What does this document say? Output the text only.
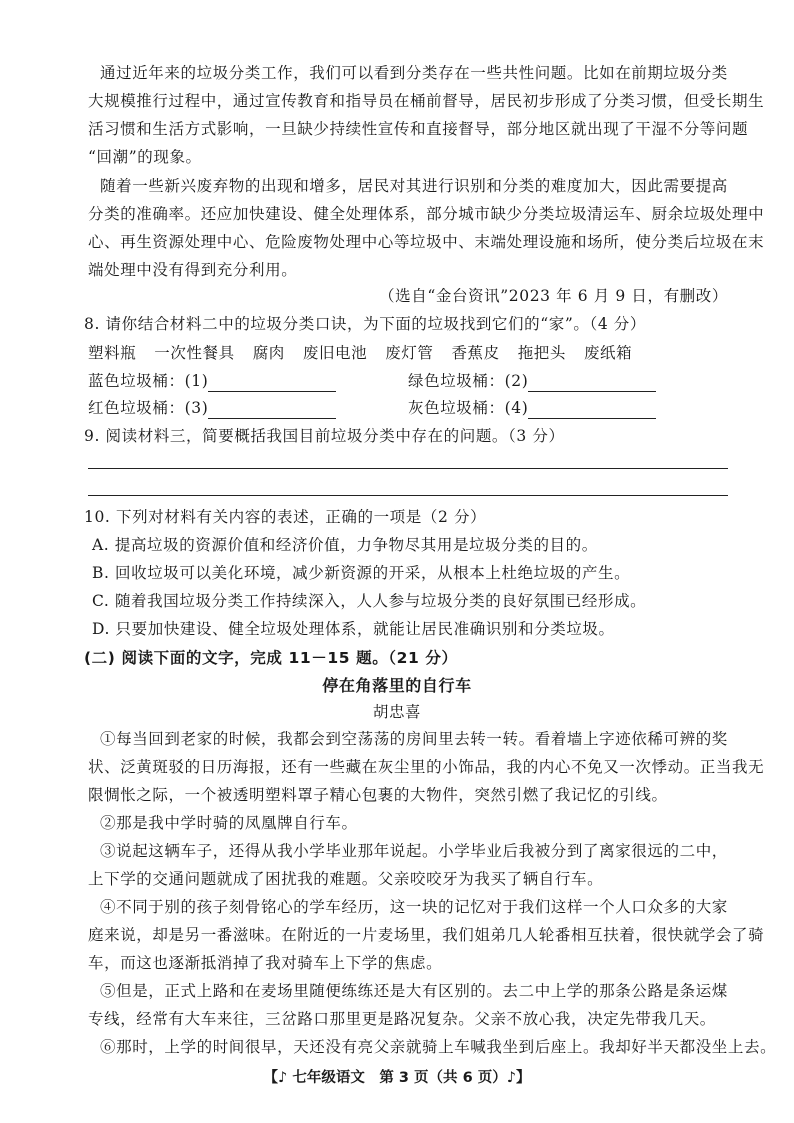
通过近年来的垃圾分类工作，我们可以看到分类存在一些共性问题。比如在前期垃圾分类
大规模推行过程中，通过宣传教育和指导员在桶前督导，居民初步形成了分类习惯，但受长期生
活习惯和生活方式影响，一旦缺少持续性宣传和直接督导，部分地区就出现了干湿不分等问题
“回潮”的现象。
随着一些新兴废弃物的出现和增多，居民对其进行识别和分类的难度加大，因此需要提高
分类的准确率。还应加快建设、健全处理体系，部分城市缺少分类垃圾清运车、厨余垃圾处理中
心、再生资源处理中心、危险废物处理中心等垃圾中、末端处理设施和场所，使分类后垃圾在末
端处理中没有得到充分利用。
（选自“金台资讯”2023 年 6 月 9 日，有删改）
8. 请你结合材料二中的垃圾分类口诀，为下面的垃圾找到它们的“家”。（4 分）
塑料瓶 一次性餐具 腐肉 废旧电池 废灯管 香蕉皮 拖把头 废纸箱
蓝色垃圾桶：(1)	绿色垃圾桶：(2)
红色垃圾桶：(3)	灰色垃圾桶：(4)
9. 阅读材料三，简要概括我国目前垃圾分类中存在的问题。（3 分）
10. 下列对材料有关内容的表述，正确的一项是（2 分）
A. 提高垃圾的资源价值和经济价值，力争物尽其用是垃圾分类的目的。
B. 回收垃圾可以美化环境，减少新资源的开采，从根本上杜绝垃圾的产生。
C. 随着我国垃圾分类工作持续深入，人人参与垃圾分类的良好氛围已经形成。
D. 只要加快建设、健全垃圾处理体系，就能让居民准确识别和分类垃圾。
(二) 阅读下面的文字，完成 11－15 题。（21 分）
停在角落里的自行车
胡忠喜
①每当回到老家的时候，我都会到空荡荡的房间里去转一转。看着墙上字迹依稀可辨的奖
状、泛黄斑驳的日历海报，还有一些藏在灰尘里的小饰品，我的内心不免又一次悸动。正当我无
限惆怅之际，一个被透明塑料罩子精心包裹的大物件，突然引燃了我记忆的引线。
②那是我中学时骑的凤凰牌自行车。
③说起这辆车子，还得从我小学毕业那年说起。小学毕业后我被分到了离家很远的二中，
上下学的交通问题就成了困扰我的难题。父亲咬咬牙为我买了辆自行车。
④不同于别的孩子刻骨铭心的学车经历，这一块的记忆对于我们这样一个人口众多的大家
庭来说，却是另一番滋味。在附近的一片麦场里，我们姐弟几人轮番相互扶着，很快就学会了骑
车，而这也逐渐抵消掉了我对骑车上下学的焦虑。
⑤但是，正式上路和在麦场里随便练练还是大有区别的。去二中上学的那条公路是条运煤
专线，经常有大车来往，三岔路口那里更是路况复杂。父亲不放心我，决定先带我几天。
⑥那时，上学的时间很早，天还没有亮父亲就骑上车喊我坐到后座上。我却好半天都没坐上去。
【♪ 七年级语文　第 3 页（共 6 页）♪】
